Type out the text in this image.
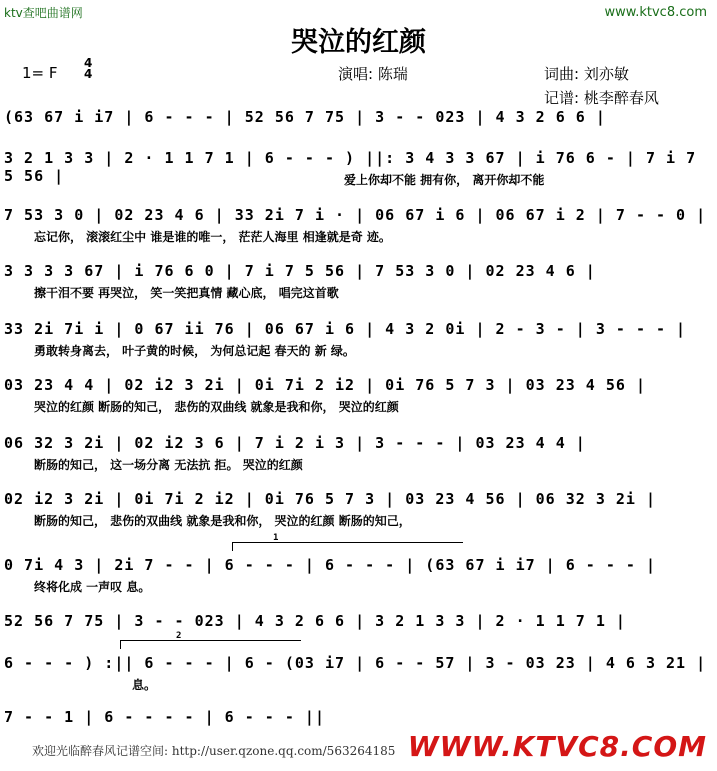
ktv查吧曲谱网	www.ktvc8.com
哭泣的红颜
1= F
4
4	演唱: 陈瑞	词曲: 刘亦敏
记谱: 桃李醉春风
(63 67 i i7 | 6 - - - | 52 56 7 75 | 3 - - 023 | 4 3 2 6 6 |
3 2 1 3 3 | 2 · 1 1 7 1 | 6 - - - ) ||: 3 4 3 3 67 | i 76 6 - | 7 i 7 5 56 |	爱上你却不能 拥有你， 离开你却不能
7 53 3 0 | 02 23 4 6 | 33 2i 7 i · | 06 67 i 6 | 06 67 i 2 | 7 - - 0 |
忘记你， 滚滚红尘中 谁是谁的唯一， 茫茫人海里 相逢就是奇 迹。
3 3 3 3 67 | i 76 6 0 | 7 i 7 5 56 | 7 53 3 0 | 02 23 4 6 |
擦干泪不要 再哭泣， 笑一笑把真情 藏心底， 唱完这首歌
33 2i 7i i | 0 67 ii 76 | 06 67 i 6 | 4 3 2 0i | 2 - 3 - | 3 - - - |
勇敢转身离去， 叶子黄的时候， 为何总记起 春天的 新 绿。
03 23 4 4 | 02 i2 3 2i | 0i 7i 2 i2 | 0i 76 5 7 3 | 03 23 4 56 |
哭泣的红颜 断肠的知己， 悲伤的双曲线 就象是我和你， 哭泣的红颜
06 32 3 2i | 02 i2 3 6 | 7 i 2 i 3 | 3 - - - | 03 23 4 4 |
断肠的知己， 这一场分离 无法抗 拒。 哭泣的红颜
02 i2 3 2i | 0i 7i 2 i2 | 0i 76 5 7 3 | 03 23 4 56 | 06 32 3 2i |
断肠的知己， 悲伤的双曲线 就象是我和你， 哭泣的红颜 断肠的知己，
1
0 7i 4 3 | 2i 7 - - | 6 - - - | 6 - - - | (63 67 i i7 | 6 - - - |
终将化成 一声叹 息。
52 56 7 75 | 3 - - 023 | 4 3 2 6 6 | 3 2 1 3 3 | 2 · 1 1 7 1 |
2
6 - - - ) :|| 6 - - - | 6 - (03 i7 | 6 - - 57 | 3 - 03 23 | 4 6 3 21 |
息。
7 - - 1 | 6 - - - - | 6 - - - ||
欢迎光临醉春风记谱空间: http://user.qzone.qq.com/563264185 WWW.KTVC8.COM
